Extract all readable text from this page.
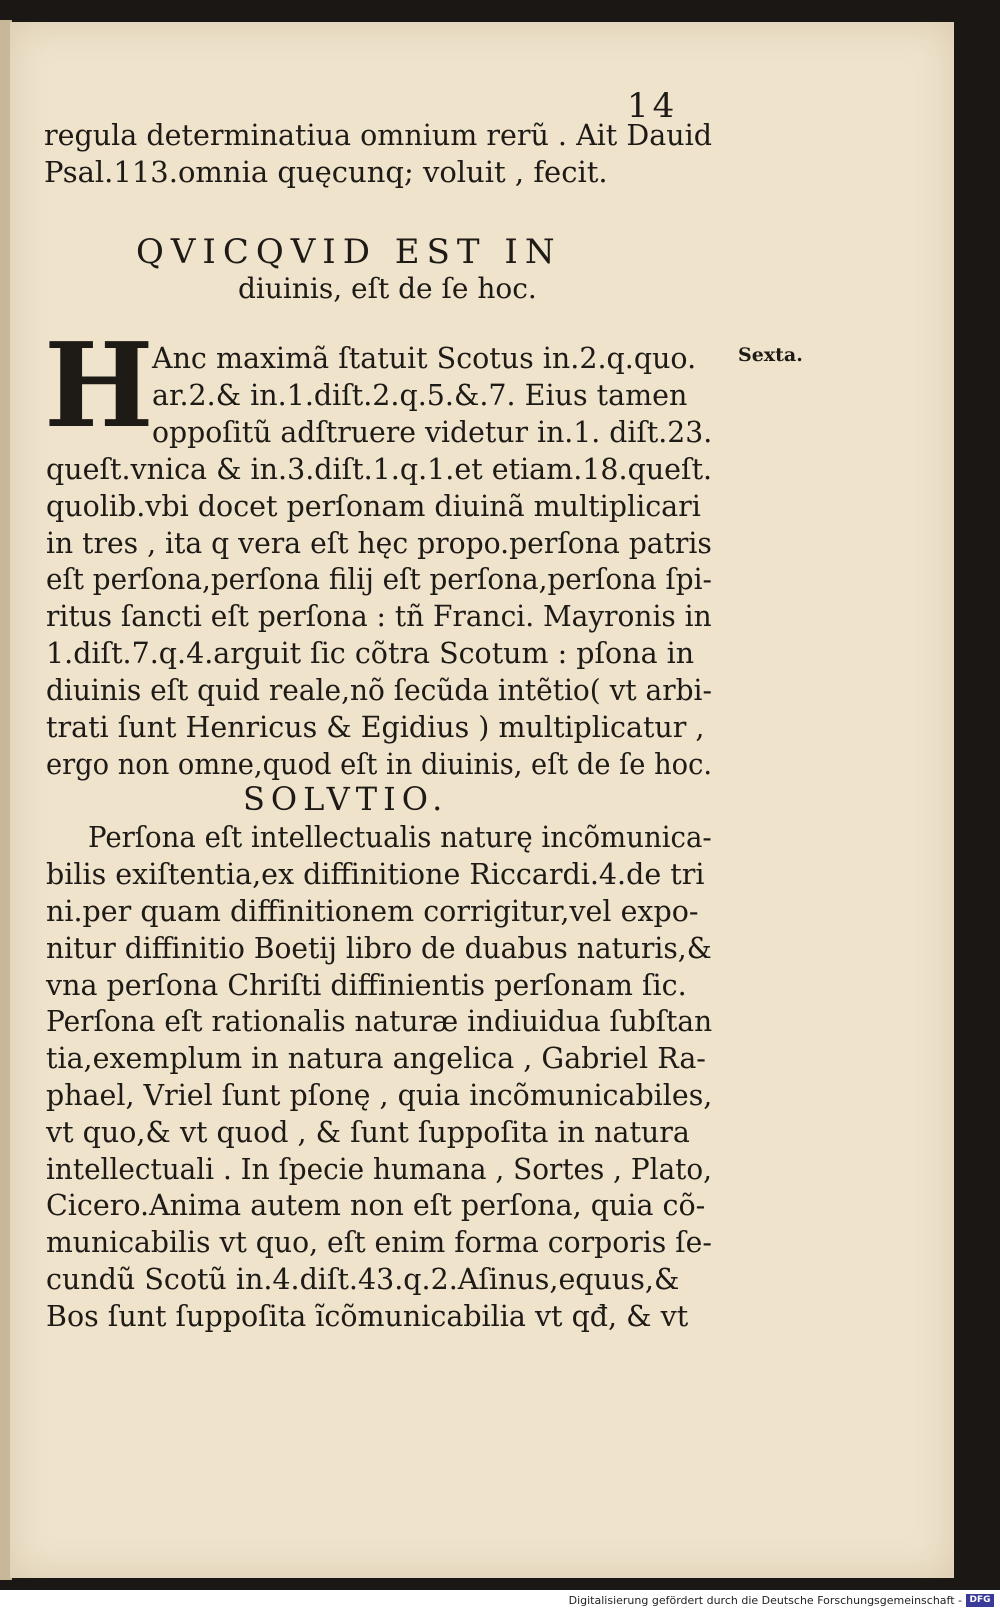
14
regula determinatiua omnium rerũ . Ait Dauid
Psal.113.omnia quęcunq; voluit , fecit.
QVICQVID EST IN
diuinis, eſt de ſe hoc.
H	Sexta.
Anc maximã ſtatuit Scotus in.2.q.quo.
ar.2.& in.1.diſt.2.q.5.&.7. Eius tamen
oppoſitũ adſtruere videtur in.1. diſt.23.
queſt.vnica & in.3.diſt.1.q.1.et etiam.18.queſt.
quolib.vbi docet perſonam diuinã multiplicari
in tres , ita q vera eſt hęc propo.perſona patris
eſt perſona,perſona filij eſt perſona,perſona ſpi-
ritus ſancti eſt perſona : tñ Franci. Mayronis in
1.diſt.7.q.4.arguit ſic cõtra Scotum : pſona in
diuinis eſt quid reale,nõ ſecũda intẽtio( vt arbi-
trati ſunt Henricus & Egidius ) multiplicatur ,
ergo non omne,quod eſt in diuinis, eſt de ſe hoc.
SOLVTIO.
Perſona eſt intellectualis naturę incõmunica-
bilis exiſtentia,ex diffinitione Riccardi.4.de tri
ni.per quam diffinitionem corrigitur,vel expo-
nitur diffinitio Boetij libro de duabus naturis,&
vna perſona Chriſti diffinientis perſonam ſic.
Perſona eſt rationalis naturæ indiuidua ſubſtan
tia,exemplum in natura angelica , Gabriel Ra-
phael, Vriel ſunt pſonę , quia incõmunicabiles,
vt quo,& vt quod , & ſunt ſuppoſita in natura
intellectuali . In ſpecie humana , Sortes , Plato,
Cicero.Anima autem non eſt perſona, quia cõ-
municabilis vt quo, eſt enim forma corporis ſe-
cundũ Scotũ in.4.diſt.43.q.2.Aſinus,equus,&
Bos ſunt ſuppoſita ĩcõmunicabilia vt qđ, & vt
Digitalisierung gefördert durch die Deutsche Forschungsgemeinschaft - DFG
